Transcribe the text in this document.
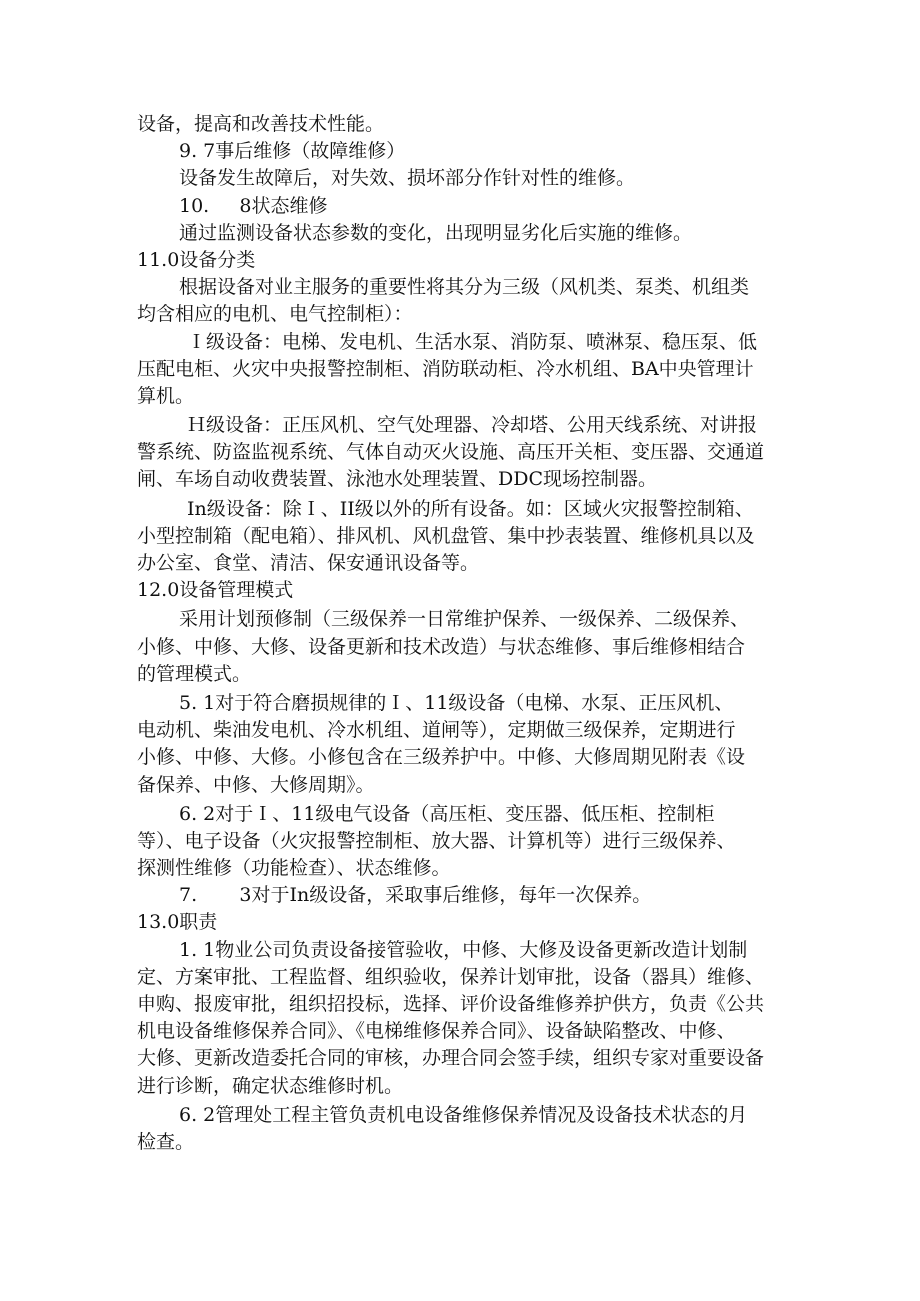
设备，提高和改善技术性能。
9. 7事后维修（故障维修）
设备发生故障后，对失效、损坏部分作针对性的维修。
10.     8状态维修
通过监测设备状态参数的变化，出现明显劣化后实施的维修。
11.0设备分类
根据设备对业主服务的重要性将其分为三级（风机类、泵类、机组类
均含相应的电机、电气控制柜）：
Ｉ级设备：电梯、发电机、生活水泵、消防泵、喷淋泵、稳压泵、低
压配电柜、火灾中央报警控制柜、消防联动柜、冷水机组、BA中央管理计
算机。
Ｈ级设备：正压风机、空气处理器、冷却塔、公用天线系统、对讲报
警系统、防盗监视系统、气体自动灭火设施、高压开关柜、变压器、交通道
闸、车场自动收费装置、泳池水处理装置、DDC现场控制器。
In级设备：除Ｉ、II级以外的所有设备。如：区域火灾报警控制箱、
小型控制箱（配电箱）、排风机、风机盘管、集中抄表装置、维修机具以及
办公室、食堂、清洁、保安通讯设备等。
12.0设备管理模式
采用计划预修制（三级保养一日常维护保养、一级保养、二级保养、
小修、中修、大修、设备更新和技术改造）与状态维修、事后维修相结合
的管理模式。
5. 1对于符合磨损规律的Ｉ、11级设备（电梯、水泵、正压风机、
电动机、柴油发电机、冷水机组、道闸等），定期做三级保养，定期进行
小修、中修、大修。小修包含在三级养护中。中修、大修周期见附表《设
备保养、中修、大修周期》。
6. 2对于Ｉ、11级电气设备（高压柜、变压器、低压柜、控制柜
等）、电子设备（火灾报警控制柜、放大器、计算机等）进行三级保养、
探测性维修（功能检查）、状态维修。
7.       3对于In级设备，采取事后维修，每年一次保养。
13.0职责
1. 1物业公司负责设备接管验收，中修、大修及设备更新改造计划制
定、方案审批、工程监督、组织验收，保养计划审批，设备（器具）维修、
申购、报废审批，组织招投标，选择、评价设备维修养护供方，负责《公共
机电设备维修保养合同》、《电梯维修保养合同》、设备缺陷整改、中修、
大修、更新改造委托合同的审核，办理合同会签手续，组织专家对重要设备
进行诊断，确定状态维修时机。
6. 2管理处工程主管负责机电设备维修保养情况及设备技术状态的月
检查。
